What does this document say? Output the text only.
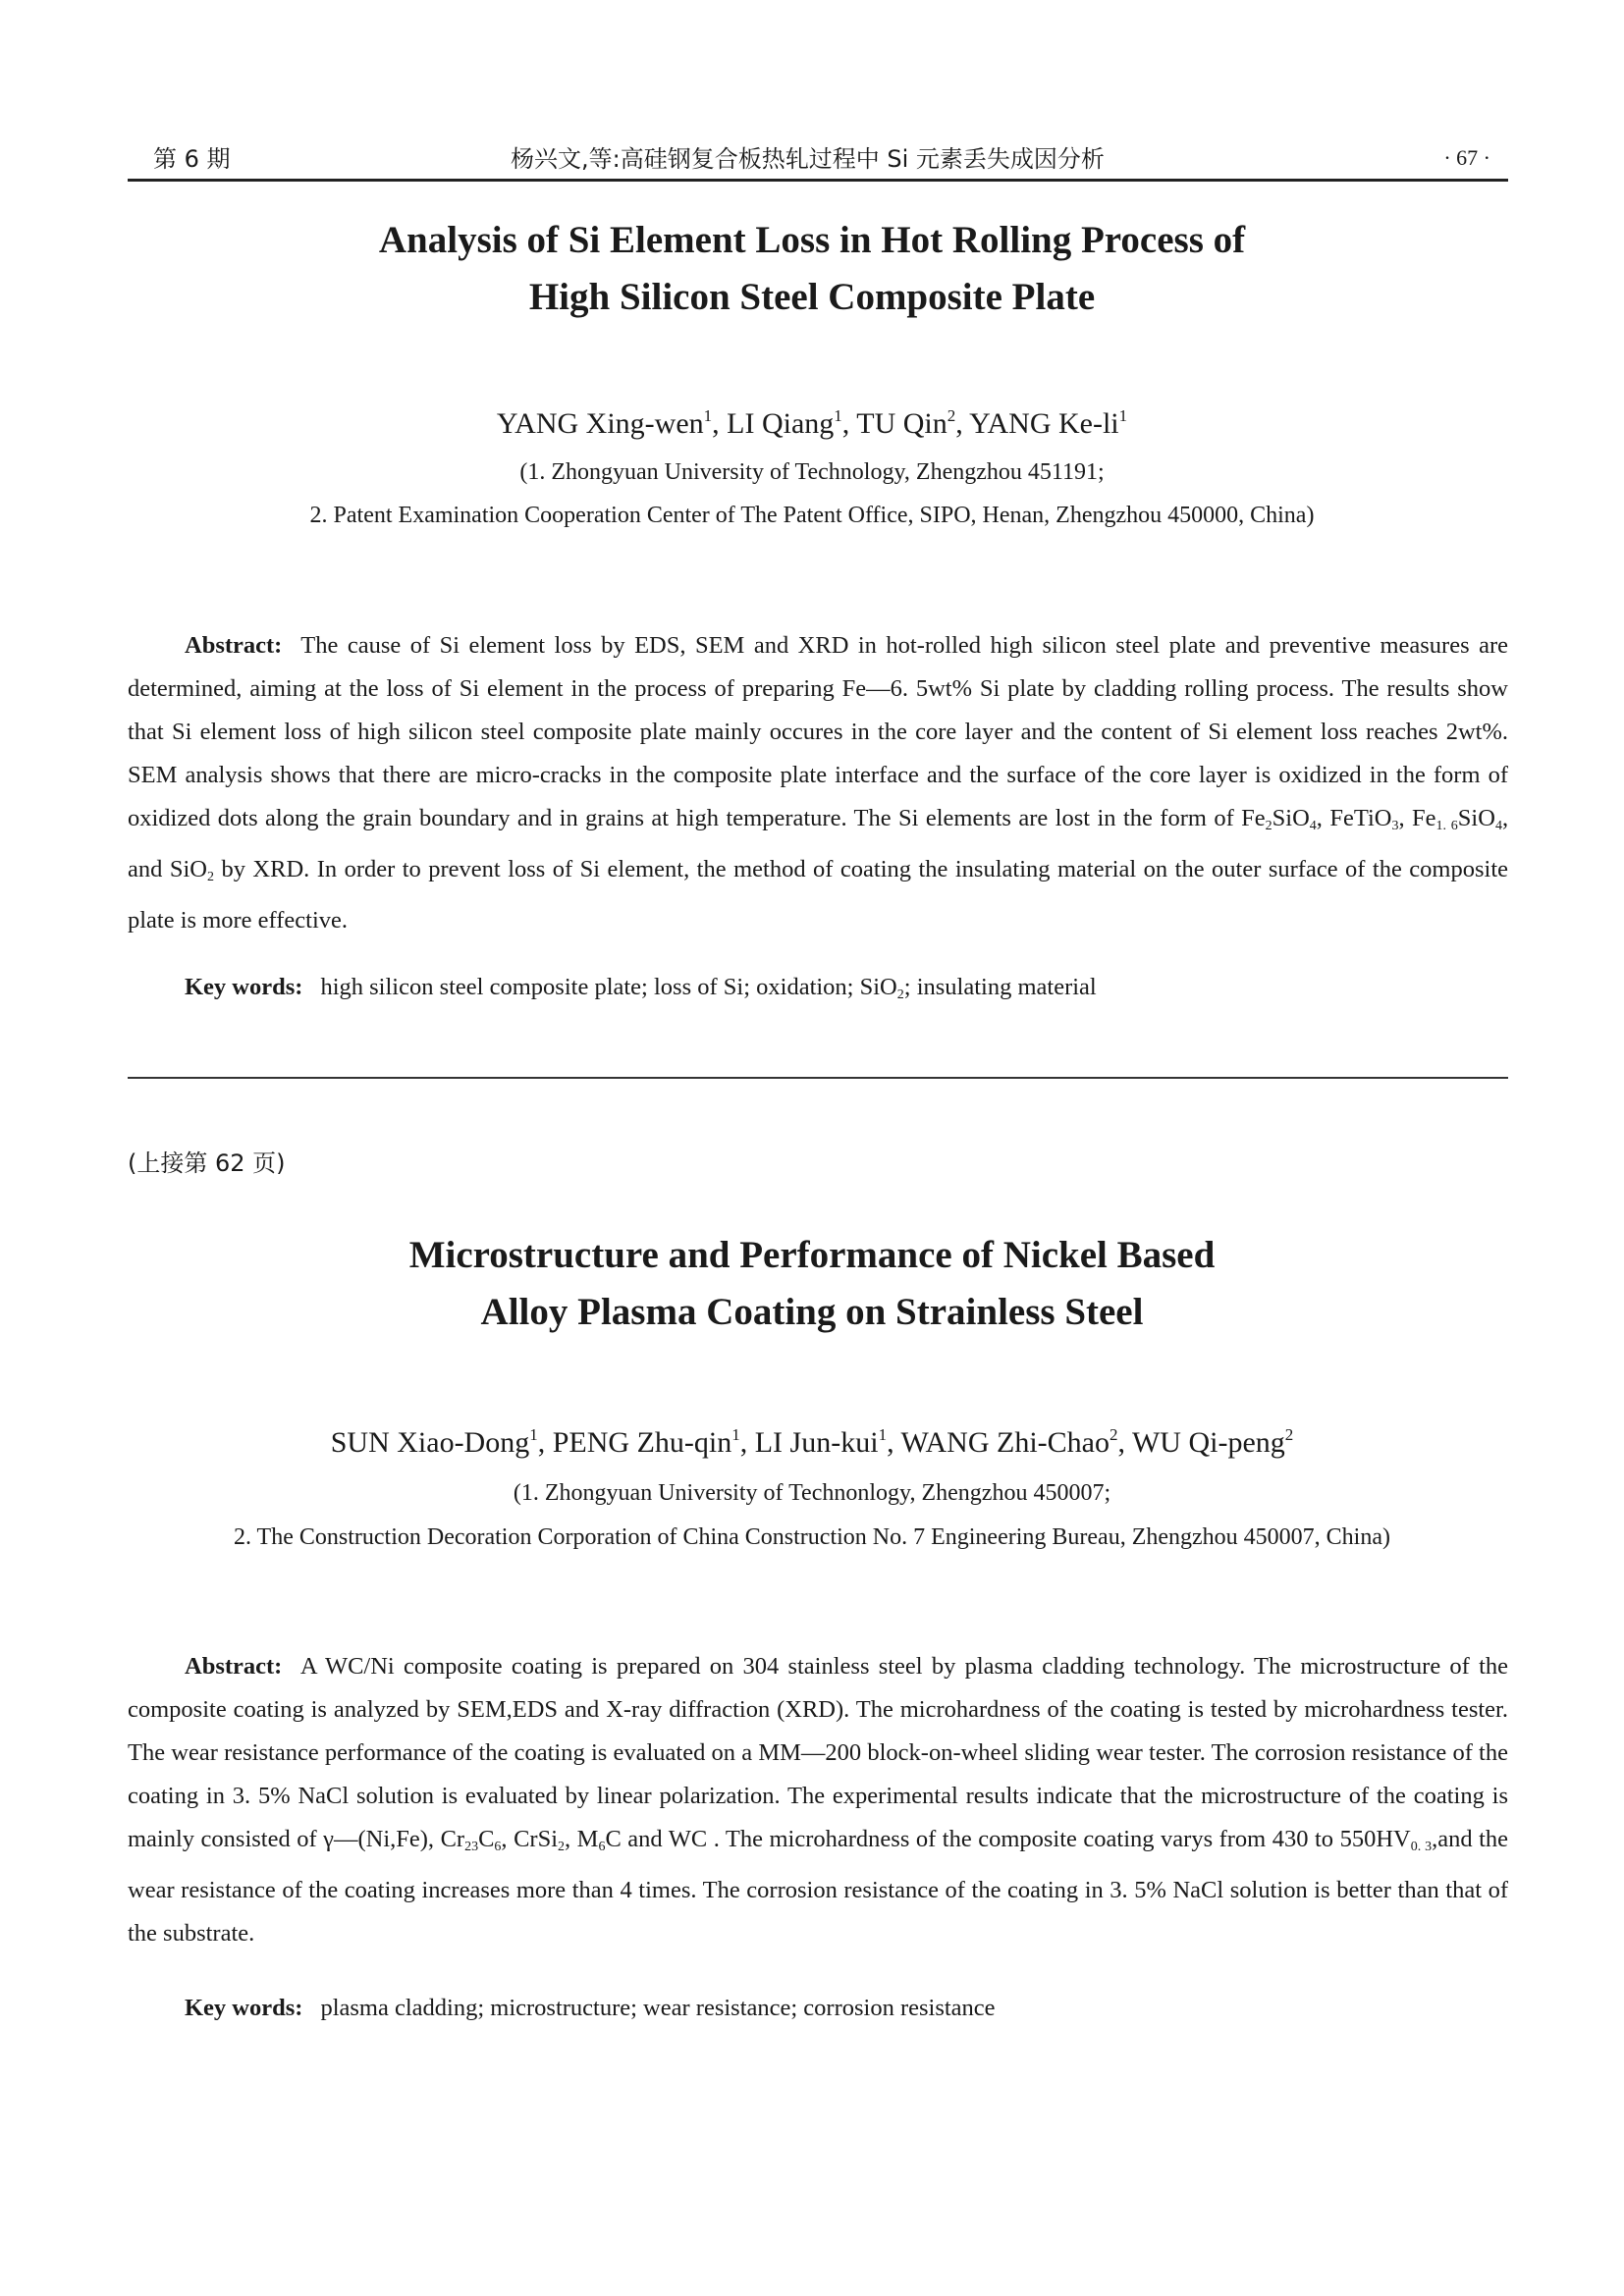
第 6 期	杨兴文,等:高硅钢复合板热轧过程中 Si 元素丢失成因分析	· 67 ·
Analysis of Si Element Loss in Hot Rolling Process of
High Silicon Steel Composite Plate
YANG Xing-wen$^1$, LI Qiang$^1$, TU Qin$^2$, YANG $Ke-li^1$
(1. Zhongyuan University of Technology, Zhengzhou 451191;
2. Patent Examination Cooperation Center of The Patent Office, SIPO, Henan, Zhengzhou 450000, China)

Abstract: The cause of Si element loss by EDS, SEM and XRD in hot-rolled high silicon steel plate and preventive measures are determined, aiming at the loss of Si element in the process of preparing Fe—6. 5wt% Si plate by cladding rolling process. The results show that Si element loss of high silicon steel composite plate mainly occures in the core layer and the content of Si element loss reaches 2wt%. SEM analysis shows that there are micro-cracks in the composite plate interface and the surface of the core layer is oxidized in the form of oxidized dots along the grain boundary and in grains at high temperature. The Si elements are lost in the form of $Fe_2SiO_4$, FeTiO$_3$, $Fe_{1. 6}SiO_4$, and SiO$_2$ by XRD. In order to prevent loss of Si element, the method of coating the insulating material on the outer surface of the composite plate is more effective.

Key words: high silicon steel composite plate; loss of Si; oxidation; SiO$_2$; insulating material
(上接第 62 页)
Microstructure and Performance of Nickel Based
Alloy Plasma Coating on Strainless Steel
SUN Xiao-Dong$^1$, PENG Zhu-qin$^1$, LI Jun-kui$^1$, WANG Zhi-Chao$^2$, WU Qi-peng$^2$
(1. Zhongyuan University of Technonlogy, Zhengzhou 450007;
2. The Construction Decoration Corporation of China Construction No. 7 Engineering Bureau, Zhengzhou 450007, China)

Abstract: A WC/Ni composite coating is prepared on 304 stainless steel by plasma cladding technology. The microstructure of the composite coating is analyzed by SEM,EDS and X-ray diffraction (XRD). The microhardness of the coating is tested by microhardness tester. The wear resistance performance of the coating is evaluated on a MM—200 block-on-wheel sliding wear tester. The corrosion resistance of the coating in 3. 5% NaCl solution is evaluated by linear polarization. The experimental results indicate that the microstructure of the coating is mainly consisted of γ—(Ni,Fe), $Cr_{23}C_6$, CrSi$_2$, $M_6C$ and WC . The microhardness of the composite coating varys from 430 to $550HV_{0. 3},and$ the wear resistance of the coating increases more than 4 times. The corrosion resistance of the coating in 3. 5% NaCl solution is better than that of the substrate.

Key words: plasma cladding; microstructure; wear resistance; corrosion resistance
